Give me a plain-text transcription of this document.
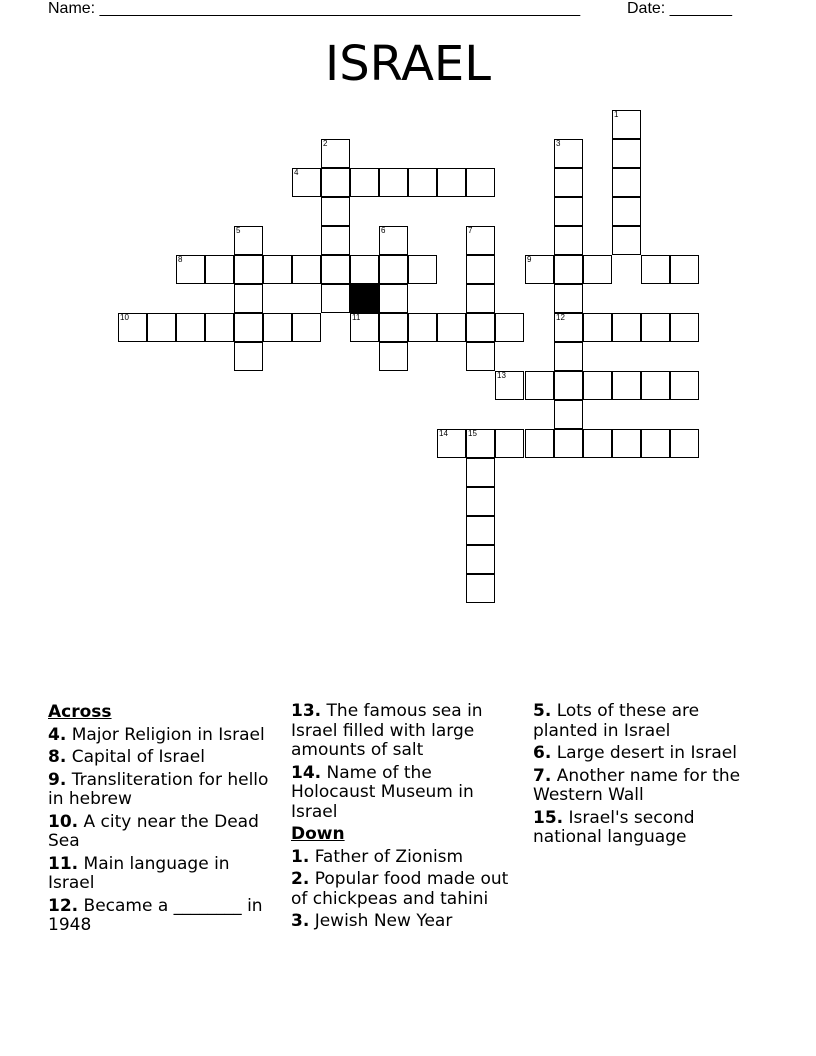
Name: ______________________________________________________	Date: _______
ISRAEL
1
2	3
12
4
5	6	7
8	9
10	11
13
14	15
Across
4. Major Religion in Israel
8. Capital of Israel
9. Transliteration for hello in hebrew
10. A city near the Dead Sea
11. Main language in Israel
12. Became a ________ in 1948
13. The famous sea in Israel filled with large amounts of salt
14. Name of the Holocaust Museum in Israel
Down
1. Father of Zionism
2. Popular food made out of chickpeas and tahini
3. Jewish New Year
5. Lots of these are planted in Israel
6. Large desert in Israel
7. Another name for the Western Wall
15. Israel's second national language
